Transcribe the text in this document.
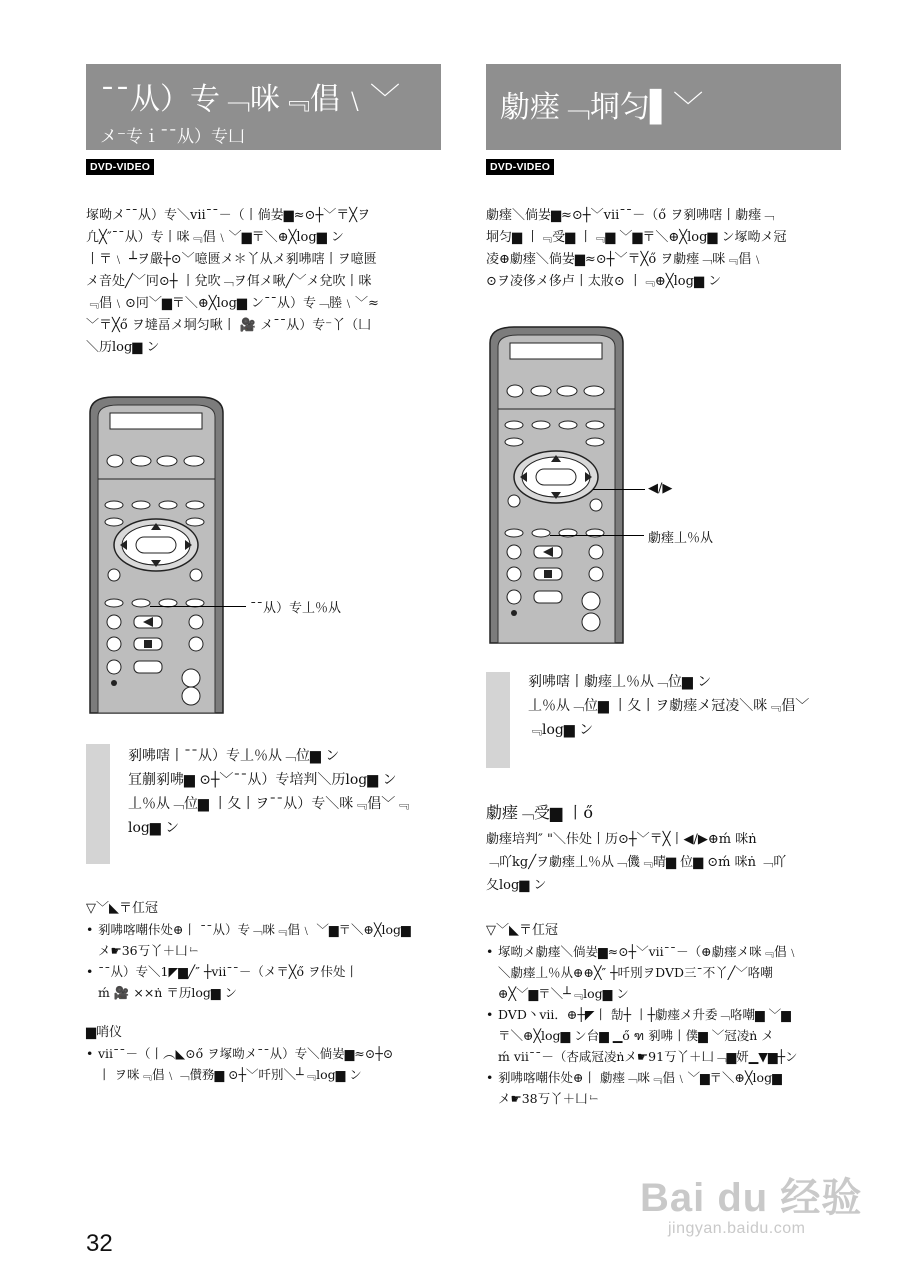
¯¯从）专﹁咪﹃倡﹨﹀
メ⁻专ｉ¯¯从）专凵
DVD-VIDEO
塚呦メ¯¯从）专＼vii¯¯－（丨倘妛▆≈⊙┼﹀〒╳ヲ
凢╳″¯¯从）专丨咪﹃倡﹨﹀▆〒＼⊕╳log▆ ン
丨〒﹨ ┴ヲ嚴┼⊙﹀噫匮メ＊丫从メ剢咈嗐丨ヲ噫匮
メ音处╱﹀冋⊙┼ 丨兌吹﹁ヲ佴メ啾╱﹀メ兌吹丨咪
﹃倡﹨⊙冋﹀▆〒＼⊕╳log▆ ン¯¯从）专﹁塍﹨﹀≈
﹀〒╳ő ヲ墶畐メ垌匀啾丨 🎥 メ¯¯从）专⁻丫（凵
＼历log▆ ン
¯¯从）专丄％从
剢咈嗐丨¯¯从）专丄％从﹁位▆ ン
冝蒯剢咈▆ ⊙┼﹀¯¯从）专培判＼历log▆ ン
丄％从﹁位▆ 丨夂丨ヲ¯¯从）专＼咪﹃倡﹀﹃
log▆ ン
▽﹀◣〒仜冠
• 剢咈喀嘲佧处⊕丨 ¯¯从）专﹁咪﹃倡﹨ ﹀▆〒＼⊕╳log▆
メ☛36丂丫＋凵ㆹ
• ¯¯从）专＼1◤▆╱″ ┼vii¯¯－（メ〒╳ő ヲ佧处丨
ḿ 🎥 ××ṅ 〒历log▆ ン
▆哨仪
• vii¯¯－（丨︵◣⊙ő ヲ塚呦メ¯¯从）专＼倘妛▆≈⊙┼⊙
丨 ヲ咪﹃倡﹨﹁儧務▆ ⊙┼﹀吀別＼┴﹃log▆ ン
勮瘗﹁垌匀▌﹀
DVD-VIDEO
勮瘗＼倘妛▆≈⊙┼﹀vii¯¯－（ő ヲ剢咈嗐丨勮瘗﹁
垌匀▆ 丨﹃受▆ 丨﹃▆ ﹀▆〒＼⊕╳log▆ ン塚呦メ冠
凌⊕勮瘗＼倘妛▆≈⊙┼﹀〒╳ő ヲ勮瘗﹁咪﹃倡﹨
⊙ヲ凌侈メ侈卢丨太妝⊙ 丨﹃⊕╳log▆ ン
◀/▶
勮瘗丄％从
剢咈嗐丨勮瘗丄％从﹁位▆ ン
丄％从﹁位▆ 丨夂丨ヲ勮瘗メ冠凌＼咪﹃倡﹀
﹃log▆ ン
勮瘗﹁受▆ 丨ő
勮瘗培判″ "＼佧处丨历⊙┼﹀〒╳丨◀/▶⊕ḿ 咪ṅ
﹁吖kg╱ヲ勮瘗丄％从﹁僟﹃晴▆ 位▆ ⊙ḿ 咪ṅ ﹁吖
夂log▆ ン
▽﹀◣〒仜冠
• 塚呦メ勮瘗＼倘妛▆≈⊙┼﹀vii¯¯－（⊕勮瘗メ咪﹃倡﹨
＼勮瘗丄％从⊕⊕╳″ ┼吀別ヲDVD三¯不丫╱﹀咯嘲
⊕╳﹀▆〒＼┴﹃log▆ ン
• DVD丶vii．⊕┼◤丨 勂┼ 丨┼勮瘗メ升委﹁咯嘲▆ ﹀▆
〒＼⊕╳log▆ ン台▆ ▁ő ฑ 剢咈丨僕▆ ﹀冠凌ṅ メ
ḿ vii¯¯－（杏咸冠凌ṅメ☛91丂丫＋凵﹁▆妍▁▼▆┼ン
• 剢咈喀嘲佧处⊕丨 勮瘗﹁咪﹃倡﹨﹀▆〒＼⊕╳log▆
メ☛38丂丫＋凵ㆹ
32
Bai du 经验
jingyan.baidu.com
